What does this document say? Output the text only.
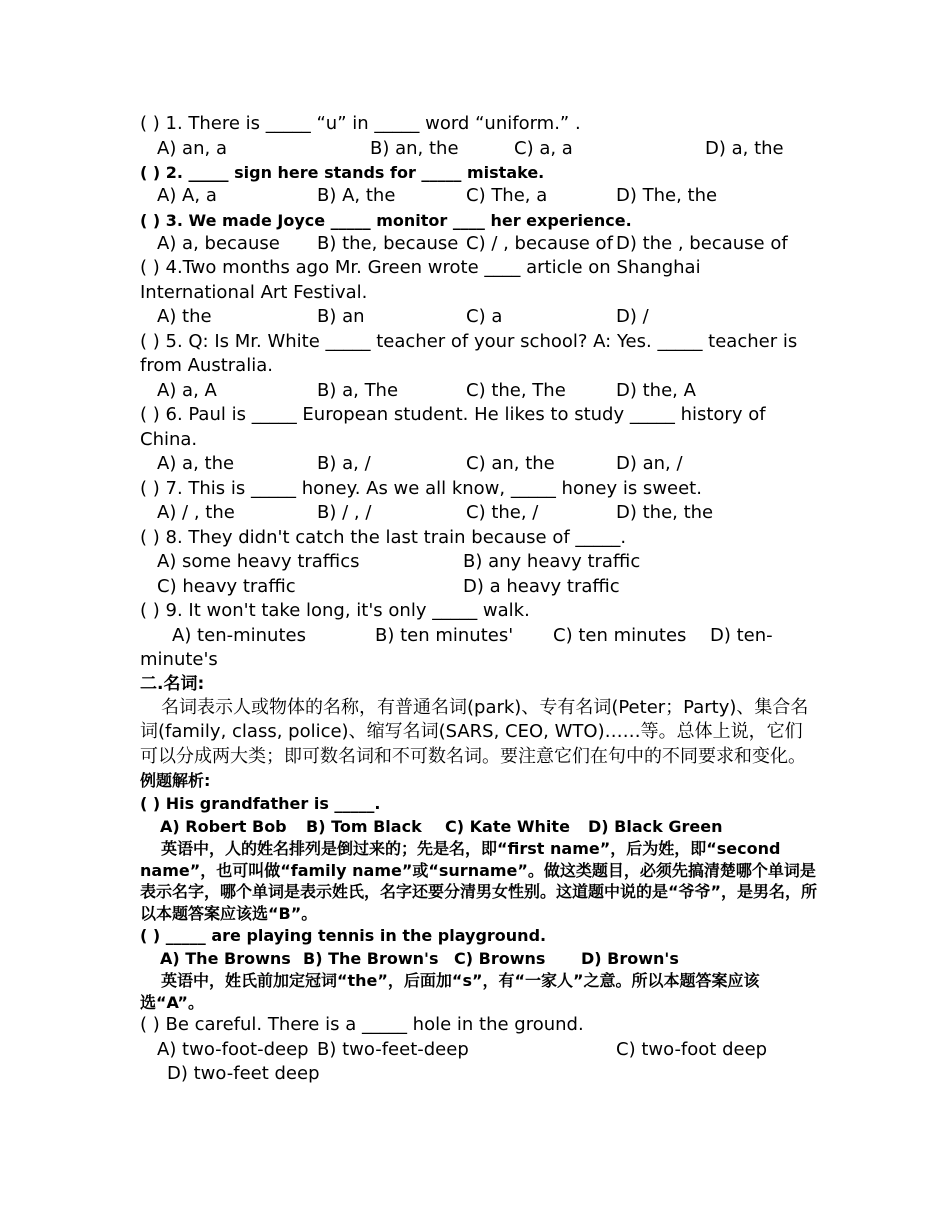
( ) 1. There is _____ “u” in _____ word “uniform.” .
A) an, a	B) an, the	C) a, a	D) a, the
( ) 2. _____ sign here stands for _____ mistake.
A) A, a	B) A, the	C) The, a	D) The, the
( ) 3. We made Joyce _____ monitor ____ her experience.
A) a, because B) the, because C) / , because of D) the , because of
( ) 4.Two months ago Mr. Green wrote ____ article on Shanghai
International Art Festival.
A) the	B) an	C) a	D) /
( ) 5. Q: Is Mr. White _____ teacher of your school? A: Yes. _____ teacher is
from Australia.
A) a, A	B) a, The	C) the, The	D) the, A
( ) 6. Paul is _____ European student. He likes to study _____ history of
China.
A) a, the	B) a, /	C) an, the	D) an, /
( ) 7. This is _____ honey. As we all know, _____ honey is sweet.
A) / , the	B) / , /	C) the, /	D) the, the
( ) 8. They didn't catch the last train because of _____.
A) some heavy traffics	B) any heavy traffic
C) heavy traffic	D) a heavy traffic
( ) 9. It won't take long, it's only _____ walk.
A) ten-minutes	B) ten minutes' C) ten minutes D) ten-
minute's
二.名词:
名词表示人或物体的名称，有普通名词(park)、专有名词(Peter；Party)、集合名词(family, class, police)、缩写名词(SARS, CEO, WTO)……等。总体上说，它们可以分成两大类；即可数名词和不可数名词。要注意它们在句中的不同要求和变化。
例题解析:
( ) His grandfather is _____.
A) Robert Bob B) Tom Black C) Kate White D) Black Green
英语中，人的姓名排列是倒过来的；先是名，即“first name”，后为姓，即“second name”，也可叫做“family name”或“surname”。做这类题目，必须先搞清楚哪个单词是表示名字，哪个单词是表示姓氏，名字还要分清男女性别。这道题中说的是“爷爷”，是男名，所以本题答案应该选“B”。
( ) _____ are playing tennis in the playground.
A) The Browns B) The Brown's C) Browns D) Brown's
英语中，姓氏前加定冠词“the”，后面加“s”，有“一家人”之意。所以本题答案应该选“A”。
( ) Be careful. There is a _____ hole in the ground.
A) two-foot-deep B) two-feet-deep	C) two-foot deep
D) two-feet deep
